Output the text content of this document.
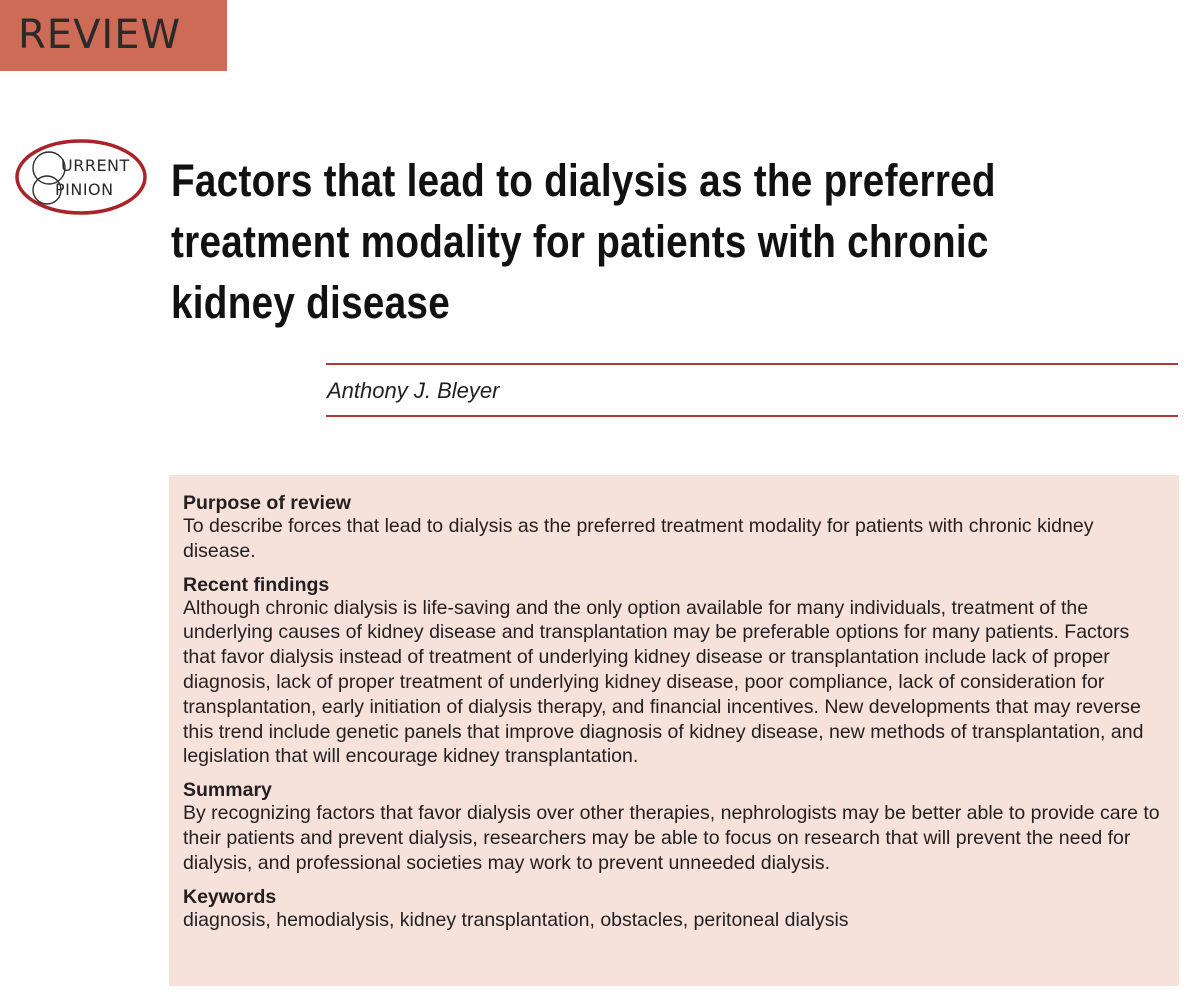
REVIEW
URRENT
PINION Factors that lead to dialysis as the preferred treatment modality for patients with chronic kidney disease
Anthony J. Bleyer

Purpose of review

To describe forces that lead to dialysis as the preferred treatment modality for patients with chronic kidney disease.

Recent findings

Although chronic dialysis is life-saving and the only option available for many individuals, treatment of the underlying causes of kidney disease and transplantation may be preferable options for many patients. Factors that favor dialysis instead of treatment of underlying kidney disease or transplantation include lack of proper diagnosis, lack of proper treatment of underlying kidney disease, poor compliance, lack of consideration for transplantation, early initiation of dialysis therapy, and financial incentives. New developments that may reverse this trend include genetic panels that improve diagnosis of kidney disease, new methods of transplantation, and legislation that will encourage kidney transplantation.

Summary

By recognizing factors that favor dialysis over other therapies, nephrologists may be better able to provide care to their patients and prevent dialysis, researchers may be able to focus on research that will prevent the need for dialysis, and professional societies may work to prevent unneeded dialysis.

Keywords

diagnosis, hemodialysis, kidney transplantation, obstacles, peritoneal dialysis
